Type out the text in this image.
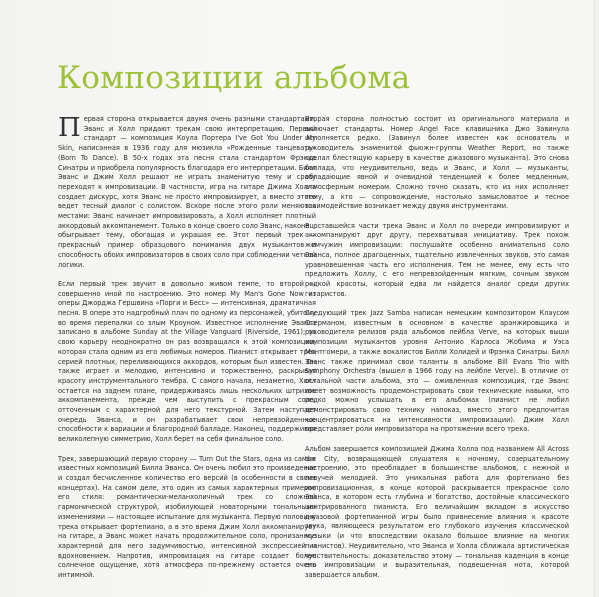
Композиции альбома

Первая сторона открывается двумя очень разными стандартами, Эванс и Холл придают трекам свою интерпретацию. Первый стандарт — композиция Коула Портера I've Got You Under My Skin, написанная в 1936 году для мюзикла «Рожденные танцевать» (Born To Dance). В 50-х годах эта песня стала стандартом Фрэнка Синатры и приобрела популярность благодаря его интерпретации. Билл Эванс и Джим Холл решают не играть знаменитую тему и сразу переходят к импровизации. В частности, игра на гитаре Джима Холла создает дискурс, хотя Эванс не просто импровизирует, а вместо этого ведет тесный диалог с солистом. Вскоре после этого роли меняются местами: Эванс начинает импровизировать, а Холл исполняет плотный аккордовый аккомпанемент. Только в конце своего соло Эванс, наконец, обыгрывает тему, обогащая и украшая ее. Этот первый трек — прекрасный пример образцового понимания двух музыкантов и способность обоих импровизаторов в своих соло при соблюдении четкой логики.

Если первый трек звучит в довольно живом темпе, то второй — совершенно иной по настроению. Это номер My Man's Gone Now из оперы Джорджа Гершвина «Порги и Бесс» — интенсивная, драматичная песня. В опере это надгробный плач по одному из персонажей, убитому во время перепалки со злым Кроуном. Известное исполнение Эванса записано в альбоме Sunday at the Village Vanguard (Riverside, 1961); за свою карьеру неоднократно он раз возвращался к этой композиции, которая стала одним из его любимых номеров. Пианист открывает трек серией плотных, переливающихся аккордов, которым был известен. Он также играет и мелодию, интенсивно и торжественно, раскрывая красоту инструментального тембра. С самого начала, незаметно, Холл остается на заднем плане, придерживаясь лишь нескольких штрихов аккомпанемента, прежде чем выступить с прекрасным соло, отточенным с характерной для него текстурной. Затем наступает очередь Эванса, и он разрабатывает свои непревзойденные способности к вариации и благородной балладе. Наконец, поддерживая великолепную симметрию, Холл берет на себя финальное соло.

Трек, завершающий первую сторону — Turn Out the Stars, одна из самых известных композиций Билла Эванса. Он очень любил это произведение и создал бесчисленное количество его версий (в особенности в своих концертах). На самом деле, это один из самых характерных примеров его стиля: романтически-меланхоличный трек со сложной гармонической структурой, изобилующей новаторными тональными изменениями — настоящее испытание для музыканта. Первую половину трека открывает фортепиано, а в это время Джим Холл аккомпанирует на гитаре, а Эванс может начать продолжительное соло, пронизанное характерной для него задумчивостью, интенсивной экспрессией и вдохновением. Напротив, импровизация на гитаре создает более солнечное ощущение, хотя атмосфера по-прежнему остается очень интимной.

Вторая сторона полностью состоит из оригинального материала и включает стандарты. Номер Angel Face клавишника Джо Завинула исполняется редко. (Завинул более известен как основатель и руководитель знаменитой фьюжн-группы Weather Report, но также сделал блестящую карьеру в качестве джазового музыканта). Это снова баллада, что неудивительно, ведь и Эванс, и Холл — музыканты, обладающие явной и очевидной тенденцией к более медленным, атмосферным номерам. Сложно точно сказать, кто из них исполняет тему, а кто — сопровождение, настолько замысловатое и тесное взаимодействие возникает между двумя инструментами.

В оставшейся части трека Эванс и Холл по очереди импровизируют и аккомпанируют друг другу, перехватывая инициативу. Трек похож жемчужин импровизации: послушайте особенно внимательно соло Эванса, полное драгоценных, тщательно извлеченных звуков, это самая уравновешенная часть его исполнения. Тем не менее, ему есть что предложить Холлу, с его непревзойденным мягким, сочным звуком редкой красоты, который едва ли найдется аналог среди других гитаристов.

Следующий трек Jazz Samba написан немецким композитором Клаусом Огерманом, известным в основном в качестве аранжировщика и руководителя релизов ряда альбомов лейбла Verve, на которых выши композиции музыкантов уровня Антонио Карлоса Жобима и Уэса Монтгомери, а также вокалистов Билли Холидей и Фрэнка Синатры. Билл Эванс также принимал свои таланты в альбоме Bill Evans Trio with Symphony Orchestra (вышел в 1966 году на лейбле Verve). В отличие от остальной части альбома, это — оживленная композиция, где Эванс имеет возможность продемонстрировать свои технические навыки, что редко можно услышать в его альбомах (пианист не любил демонстрировать свою технику напоказ, вместо этого предпочитая концентрироваться на интенсивности импровизации). Джим Холл представляет роли импровизатора на протяжении всего трека.

Альбом завершается композицией Джима Холла под названием All Across the City, возвращающей слушателя к ночному, созерцательному настроению, это преобладает в большинстве альбомов, с нежной и певучей мелодией. Это уникальная работа для фортепиано без импровизационная, в конце которой раскрывается прекрасное соло Эванса, в котором есть глубина и богатство, достойные классического центрированного пианиста. Его величайшим вкладом в искусство джазовой фортепианной игры было привнесение влияния к красоте звука, являющееся результатом его глубокого изучения классической музыки (и что впоследствии оказало большое влияние на многих пианистов). Неудивительно, что Эванса и Холла сближала артистическая чувствительность: доказательство этому — тональная каденция в конце его импровизации и выразительная, подвешенная нота, которой завершается альбом.
